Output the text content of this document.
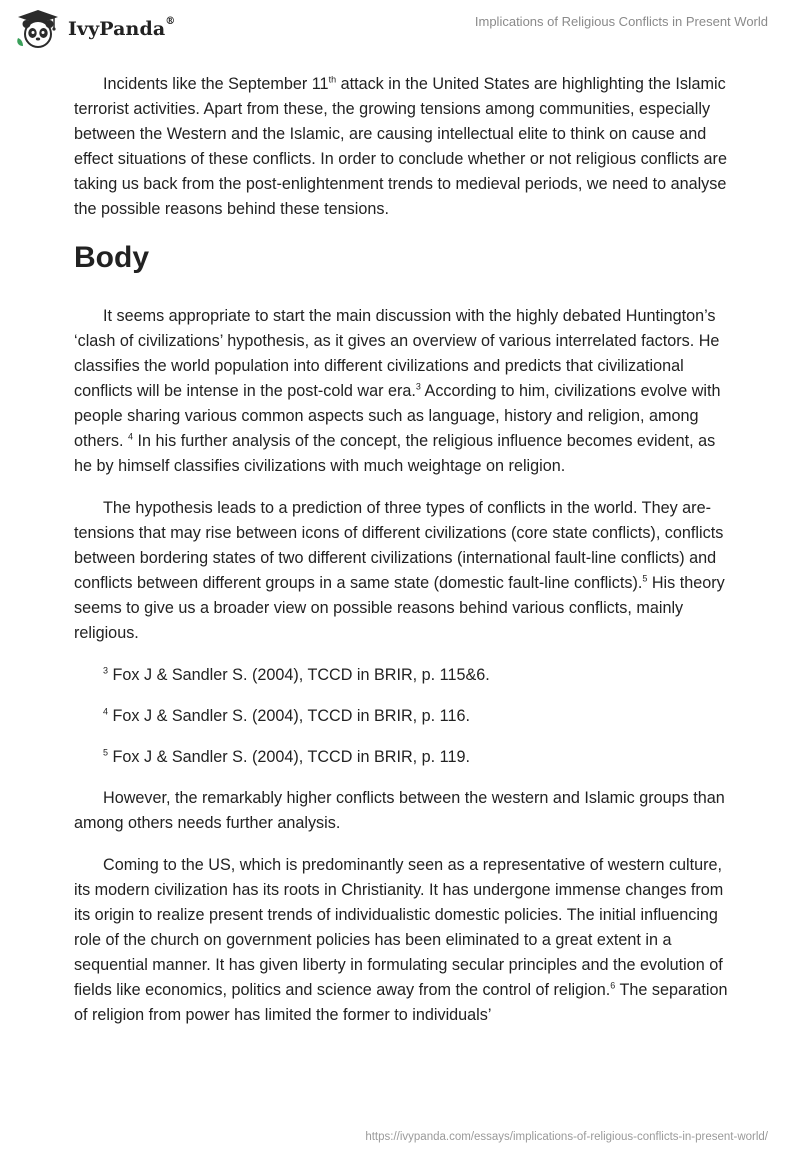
IvyPanda®	Implications of Religious Conflicts in Present World

Incidents like the September 11th attack in the United States are highlighting the Islamic terrorist activities. Apart from these, the growing tensions among communities, especially between the Western and the Islamic, are causing intellectual elite to think on cause and effect situations of these conflicts. In order to conclude whether or not religious conflicts are taking us back from the post-enlightenment trends to medieval periods, we need to analyse the possible reasons behind these tensions.

Body

It seems appropriate to start the main discussion with the highly debated Huntington’s ‘clash of civilizations’ hypothesis, as it gives an overview of various interrelated factors. He classifies the world population into different civilizations and predicts that civilizational conflicts will be intense in the post-cold war era.$^3$ According to him, civilizations evolve with people sharing various common aspects such as language, history and religion, among others. $^4$ In his further analysis of the concept, the religious influence becomes evident, as he by himself classifies civilizations with much weightage on religion.

The hypothesis leads to a prediction of three types of conflicts in the world. They are- tensions that may rise between icons of different civilizations (core state conflicts), conflicts between bordering states of two different civilizations (international fault-line conflicts) and conflicts between different groups in a same state (domestic fault-line conflicts).$^5$ His theory seems to give us a broader view on possible reasons behind various conflicts, mainly religious.

$^3$ Fox J & Sandler S. (2004), TCCD in BRIR, p. 115&6.

$^4$ Fox J & Sandler S. (2004), TCCD in BRIR, p. 116.

$^5$ Fox J & Sandler S. (2004), TCCD in BRIR, p. 119.

However, the remarkably higher conflicts between the western and Islamic groups than among others needs further analysis.

Coming to the US, which is predominantly seen as a representative of western culture, its modern civilization has its roots in Christianity. It has undergone immense changes from its origin to realize present trends of individualistic domestic policies. The initial influencing role of the church on government policies has been eliminated to a great extent in a sequential manner. It has given liberty in formulating secular principles and the evolution of fields like economics, politics and science away from the control of religion.$^6$ The separation of religion from power has limited the former to individuals’

https://ivypanda.com/essays/implications-of-religious-conflicts-in-present-world/
